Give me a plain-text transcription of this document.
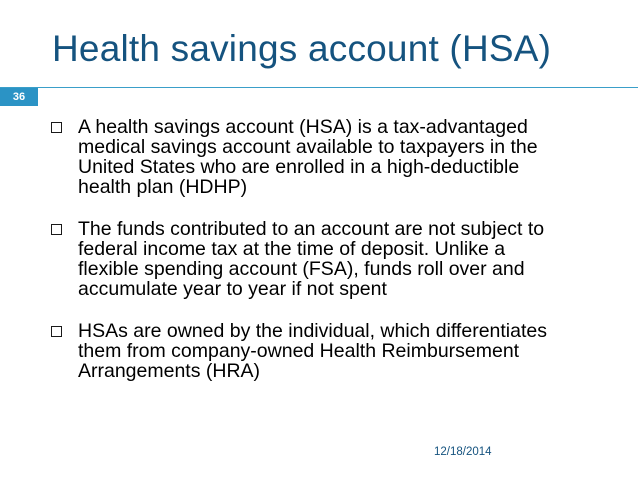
Health savings account (HSA)
36
A health savings account (HSA) is a tax-advantaged
medical savings account available to taxpayers in the
United States who are enrolled in a high-deductible
health plan (HDHP)
The funds contributed to an account are not subject to
federal income tax at the time of deposit. Unlike a
flexible spending account (FSA), funds roll over and
accumulate year to year if not spent
HSAs are owned by the individual, which differentiates
them from company-owned Health Reimbursement
Arrangements (HRA)
12/18/2014
